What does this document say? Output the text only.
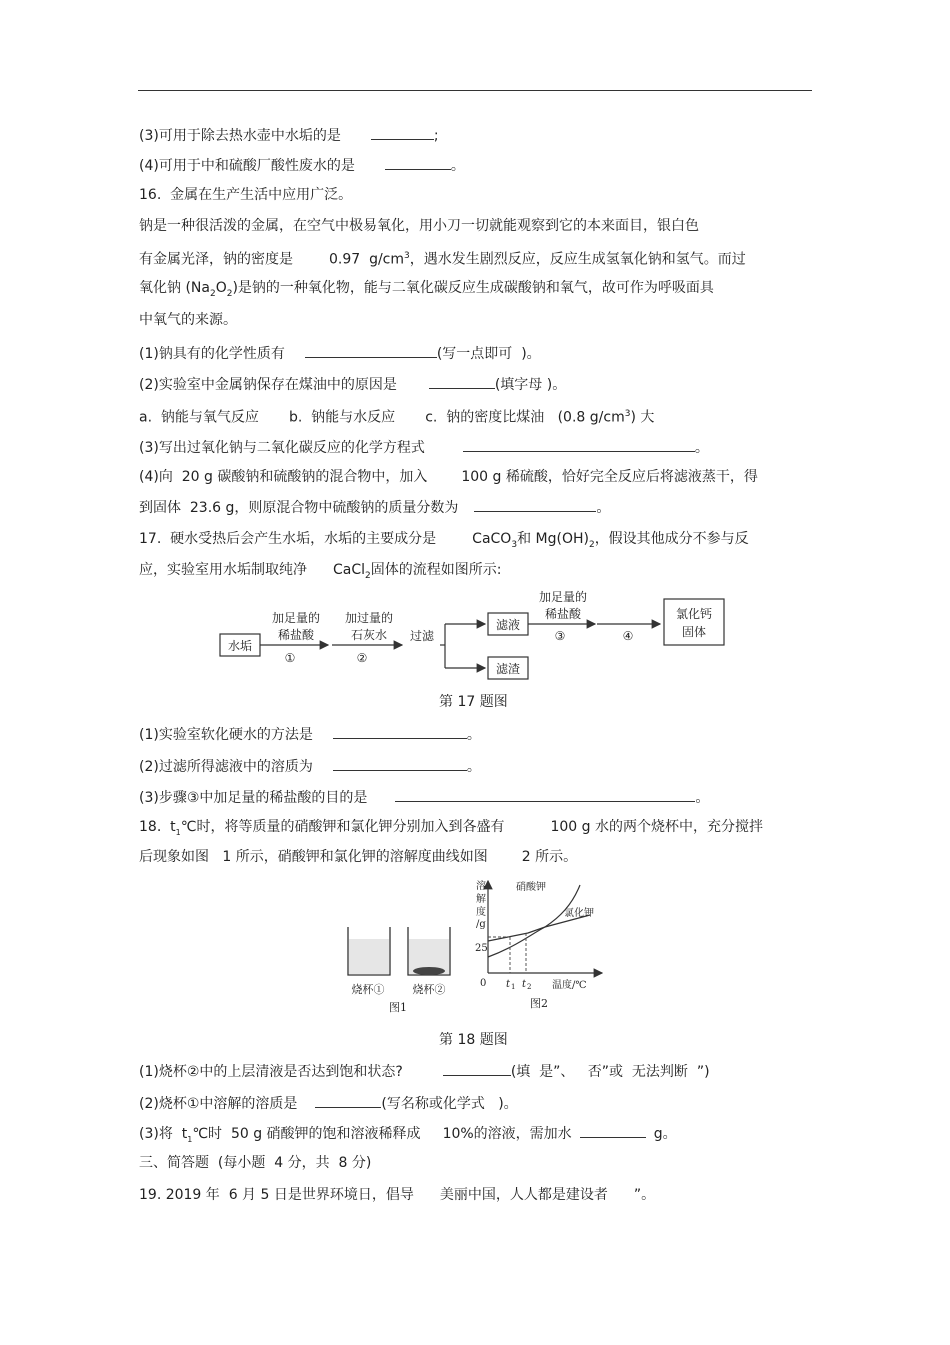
(3)可用于除去热水壶中水垢的是	;
(4)可用于中和硫酸厂酸性废水的是	。
16.  金属在生产生活中应用广泛。
钠是一种很活泼的金属，在空气中极易氧化，用小刀一切就能观察到它的本来面目，银白色
有金属光泽，钠的密度是	0.97  $g/cm^3$，遇水发生剧烈反应，反应生成氢氧化钠和氢气。而过
氧化钠 $(Na_2O_2)$是钠的一种氧化物，能与二氧化碳反应生成碳酸钠和氧气，故可作为呼吸面具
中氧气的来源。
(1)钠具有的化学性质有	(写一点即可  )。
(2)实验室中金属钠保存在煤油中的原因是	(填字母 )。
a.  钠能与氧气反应 b.  钠能与水反应 c.  钠的密度比煤油   (0.8 $g/cm^3$) 大
(3)写出过氧化钠与二氧化碳反应的化学方程式	。
(4)向  20 g 碳酸钠和硫酸钠的混合物中，加入 100 g 稀硫酸，恰好完全反应后将滤液蒸干，得
到固体  23.6 g，则原混合物中硫酸钠的质量分数为	。
17.  硬水受热后会产生水垢，水垢的主要成分是	CaCO$_3$和 $Mg(OH)_2$，假设其他成分不参与反
应，实验室用水垢制取纯净 CaCl$_2$固体的流程如图所示:
水垢
加足量的
稀盐酸
①
加过量的
石灰水
②
过滤
滤液
滤渣
加足量的
稀盐酸
③	④
氯化钙
固体
第 17 题图
(1)实验室软化硬水的方法是	。
(2)过滤所得滤液中的溶质为	。
(3)步骤③中加足量的稀盐酸的目的是	。
18.  $t_1℃$时，将等质量的硝酸钾和氯化钾分别加入到各盛有	100 g 水的两个烧杯中，充分搅拌
后现象如图   1 所示，硝酸钾和氯化钾的溶解度曲线如图 2 所示。
烧杯①	烧杯②
图1
溶
解
度
/g
25
0 t 1 t 2 温度/℃
硝酸钾
氯化钾
图2
第 18 题图
(1)烧杯②中的上层清液是否达到饱和状态?	(填  是”、   否”或  无法判断  ”)
(2)烧杯①中溶解的溶质是	(写名称或化学式   )。
(3)将  $t_1℃$时  50 g 硝酸钾的饱和溶液稀释成 10%的溶液，需加水	g。
三、简答题  (每小题  4 分，共  8 分)
19. 2019 年  6 月 5 日是世界环境日，倡导 美丽中国，人人都是建设者 ”。
